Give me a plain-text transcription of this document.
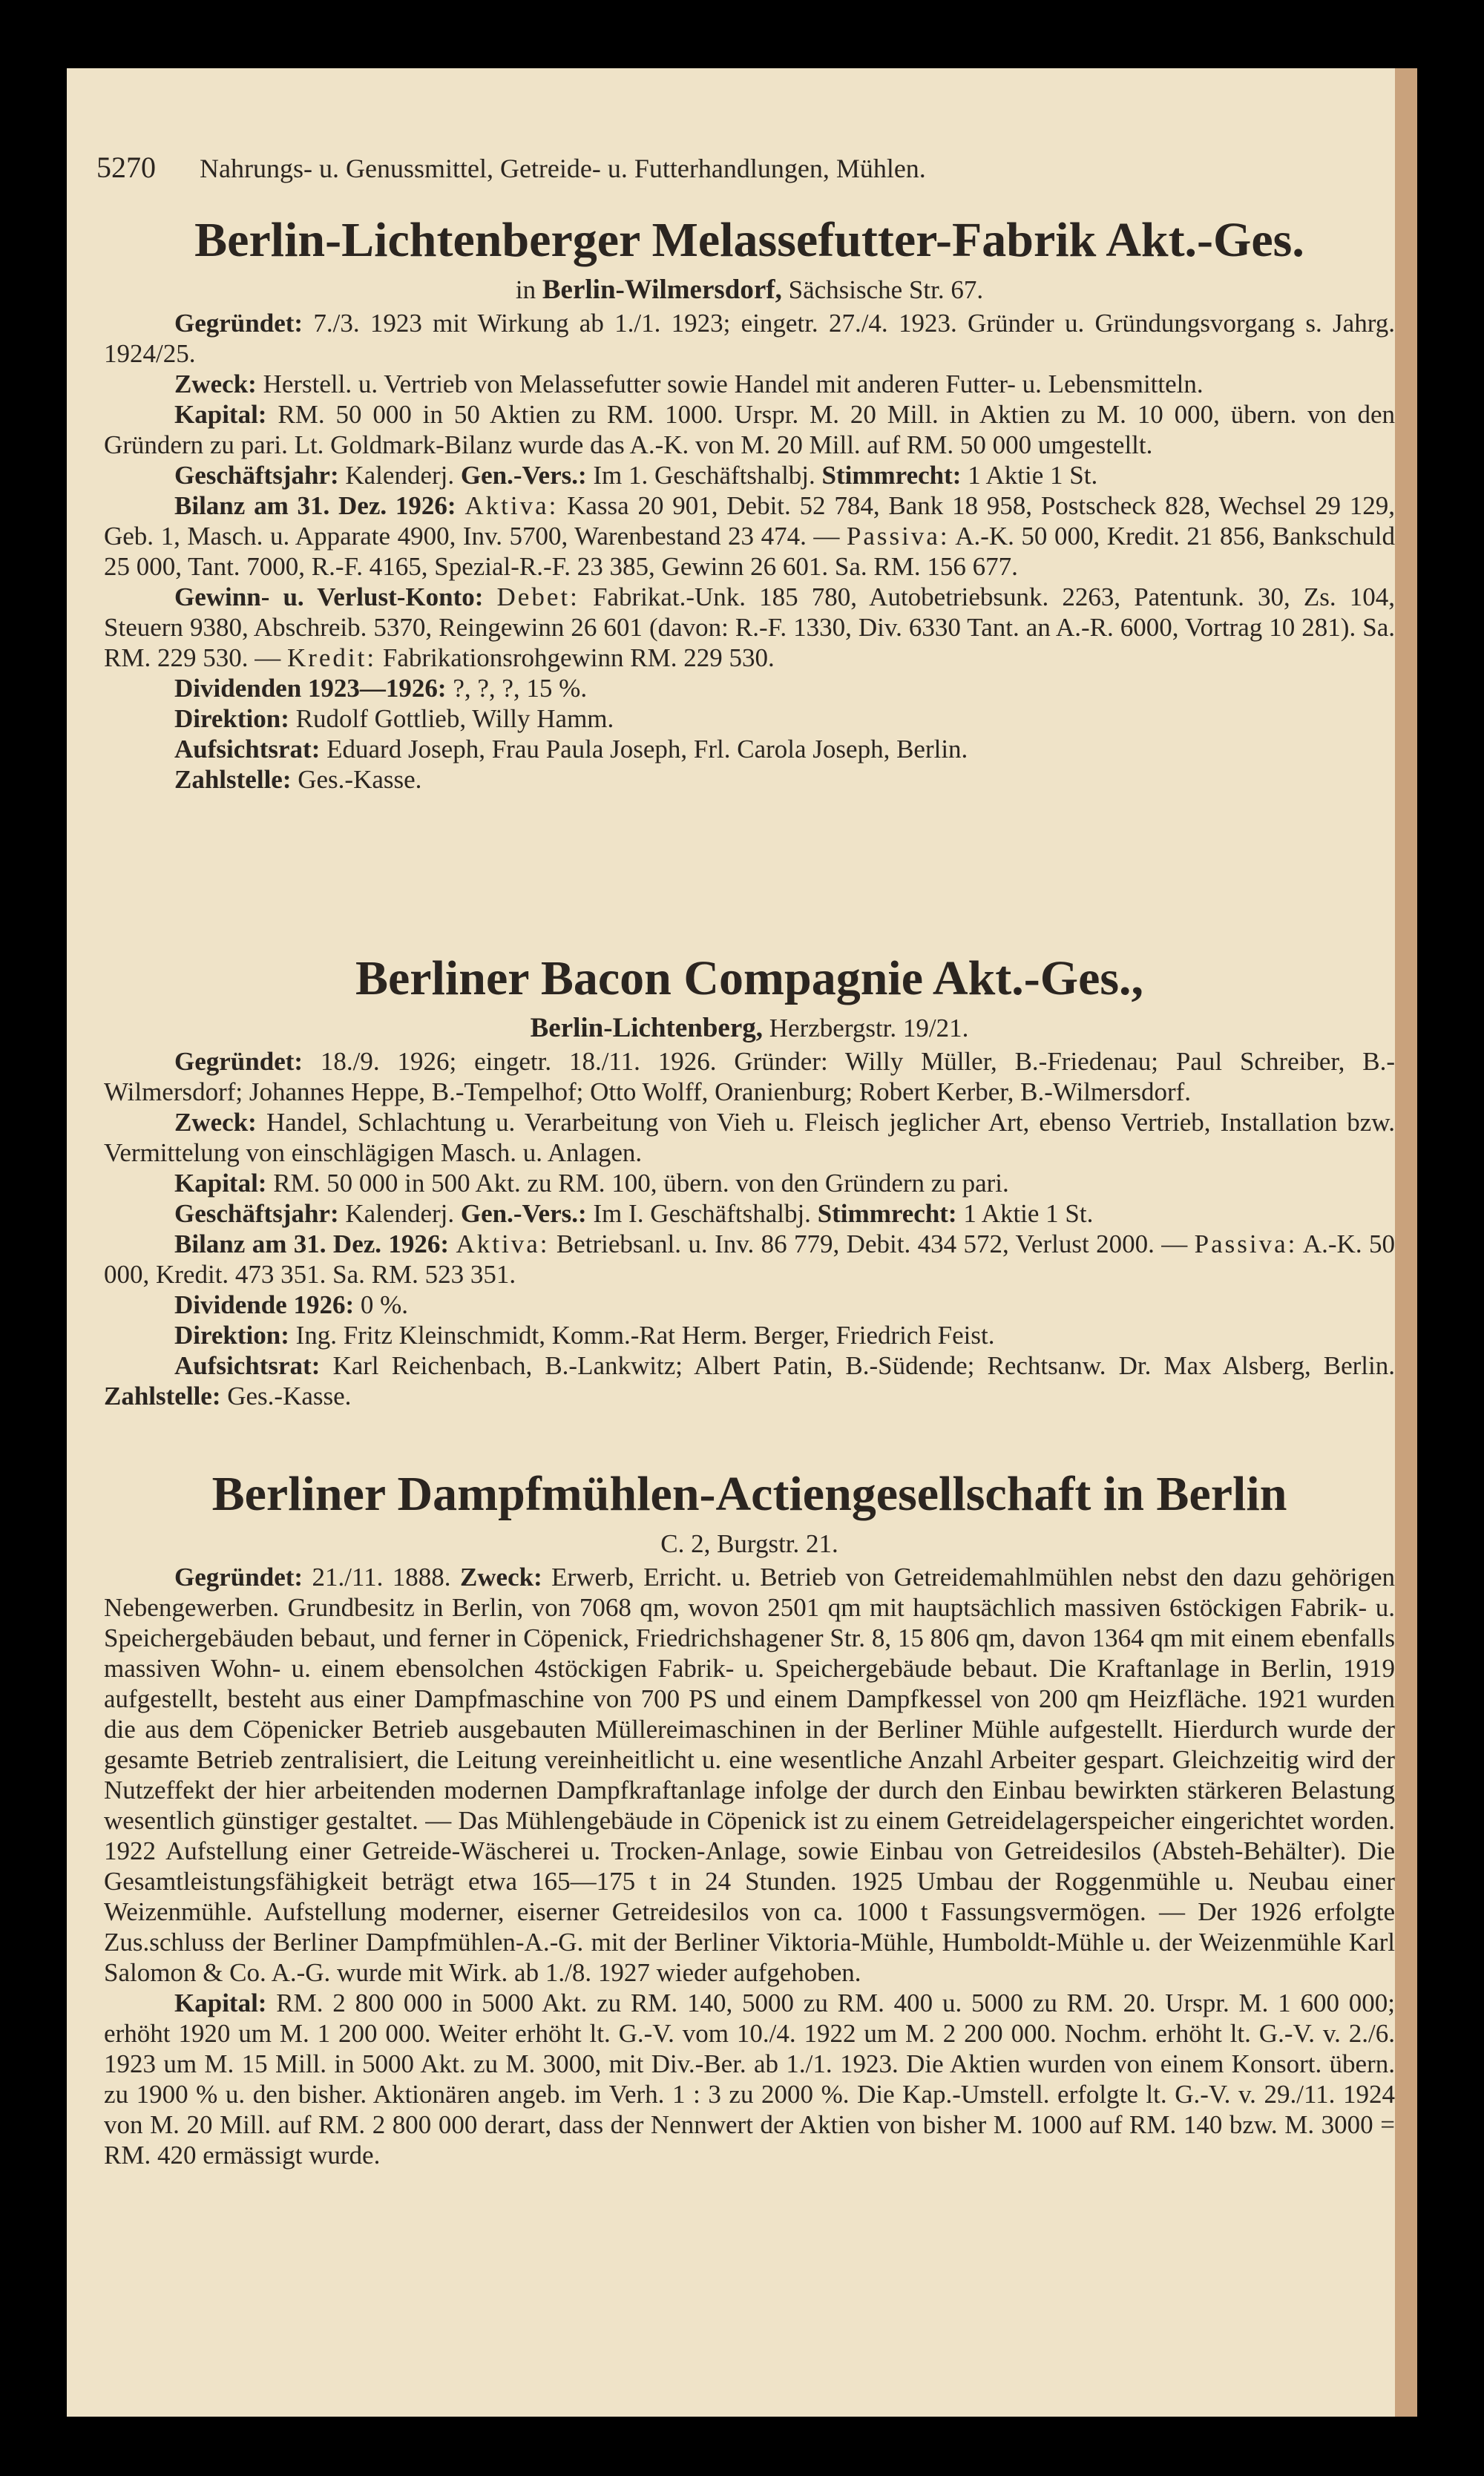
5270 Nahrungs- u. Genussmittel, Getreide- u. Futterhandlungen, Mühlen.
Berlin-Lichtenberger Melassefutter-Fabrik Akt.-Ges.
in Berlin-Wilmersdorf, Sächsische Str. 67.

Gegründet: 7./3. 1923 mit Wirkung ab 1./1. 1923; eingetr. 27./4. 1923. Gründer u. Gründungsvorgang s. Jahrg. 1924/25.

Zweck: Herstell. u. Vertrieb von Melassefutter sowie Handel mit anderen Futter- u. Lebensmitteln.

Kapital: RM. 50 000 in 50 Aktien zu RM. 1000. Urspr. M. 20 Mill. in Aktien zu M. 10 000, übern. von den Gründern zu pari. Lt. Goldmark-Bilanz wurde das A.-K. von M. 20 Mill. auf RM. 50 000 umgestellt.

Geschäftsjahr: Kalenderj. Gen.-Vers.: Im 1. Geschäftshalbj. Stimmrecht: 1 Aktie 1 St.

Bilanz am 31. Dez. 1926: Aktiva: Kassa 20 901, Debit. 52 784, Bank 18 958, Postscheck 828, Wechsel 29 129, Geb. 1, Masch. u. Apparate 4900, Inv. 5700, Warenbestand 23 474. — Passiva: A.-K. 50 000, Kredit. 21 856, Bankschuld 25 000, Tant. 7000, R.-F. 4165, Spezial-R.-F. 23 385, Gewinn 26 601. Sa. RM. 156 677.

Gewinn- u. Verlust-Konto: Debet: Fabrikat.-Unk. 185 780, Autobetriebsunk. 2263, Patentunk. 30, Zs. 104, Steuern 9380, Abschreib. 5370, Reingewinn 26 601 (davon: R.-F. 1330, Div. 6330 Tant. an A.-R. 6000, Vortrag 10 281). Sa. RM. 229 530. — Kredit: Fabrikationsrohgewinn RM. 229 530.

Dividenden 1923—1926: ?, ?, ?, 15 %.

Direktion: Rudolf Gottlieb, Willy Hamm.

Aufsichtsrat: Eduard Joseph, Frau Paula Joseph, Frl. Carola Joseph, Berlin.

Zahlstelle: Ges.-Kasse.

Berliner Bacon Compagnie Akt.-Ges.,
Berlin-Lichtenberg, Herzbergstr. 19/21.

Gegründet: 18./9. 1926; eingetr. 18./11. 1926. Gründer: Willy Müller, B.-Friedenau; Paul Schreiber, B.-Wilmersdorf; Johannes Heppe, B.-Tempelhof; Otto Wolff, Oranienburg; Robert Kerber, B.-Wilmersdorf.

Zweck: Handel, Schlachtung u. Verarbeitung von Vieh u. Fleisch jeglicher Art, ebenso Vertrieb, Installation bzw. Vermittelung von einschlägigen Masch. u. Anlagen.

Kapital: RM. 50 000 in 500 Akt. zu RM. 100, übern. von den Gründern zu pari.

Geschäftsjahr: Kalenderj. Gen.-Vers.: Im I. Geschäftshalbj. Stimmrecht: 1 Aktie 1 St.

Bilanz am 31. Dez. 1926: Aktiva: Betriebsanl. u. Inv. 86 779, Debit. 434 572, Verlust 2000. — Passiva: A.-K. 50 000, Kredit. 473 351. Sa. RM. 523 351.

Dividende 1926: 0 %.

Direktion: Ing. Fritz Kleinschmidt, Komm.-Rat Herm. Berger, Friedrich Feist.

Aufsichtsrat: Karl Reichenbach, B.-Lankwitz; Albert Patin, B.-Südende; Rechtsanw. Dr. Max Alsberg, Berlin. Zahlstelle: Ges.-Kasse.

Berliner Dampfmühlen-Actiengesellschaft in Berlin
C. 2, Burgstr. 21.

Gegründet: 21./11. 1888. Zweck: Erwerb, Erricht. u. Betrieb von Getreidemahlmühlen nebst den dazu gehörigen Nebengewerben. Grundbesitz in Berlin, von 7068 qm, wovon 2501 qm mit hauptsächlich massiven 6stöckigen Fabrik- u. Speichergebäuden bebaut, und ferner in Cöpenick, Friedrichshagener Str. 8, 15 806 qm, davon 1364 qm mit einem ebenfalls massiven Wohn- u. einem ebensolchen 4stöckigen Fabrik- u. Speichergebäude bebaut. Die Kraftanlage in Berlin, 1919 aufgestellt, besteht aus einer Dampfmaschine von 700 PS und einem Dampfkessel von 200 qm Heizfläche. 1921 wurden die aus dem Cöpenicker Betrieb ausgebauten Müllereimaschinen in der Berliner Mühle aufgestellt. Hierdurch wurde der gesamte Betrieb zentralisiert, die Leitung vereinheitlicht u. eine wesentliche Anzahl Arbeiter gespart. Gleichzeitig wird der Nutzeffekt der hier arbeitenden modernen Dampfkraftanlage infolge der durch den Einbau bewirkten stärkeren Belastung wesentlich günstiger gestaltet. — Das Mühlengebäude in Cöpenick ist zu einem Getreidelagerspeicher eingerichtet worden. 1922 Aufstellung einer Getreide-Wäscherei u. Trocken-Anlage, sowie Einbau von Getreidesilos (Absteh-Behälter). Die Gesamtleistungsfähigkeit beträgt etwa 165—175 t in 24 Stunden. 1925 Umbau der Roggenmühle u. Neubau einer Weizenmühle. Aufstellung moderner, eiserner Getreidesilos von ca. 1000 t Fassungsvermögen. — Der 1926 erfolgte Zus.schluss der Berliner Dampfmühlen-A.-G. mit der Berliner Viktoria-Mühle, Humboldt-Mühle u. der Weizenmühle Karl Salomon & Co. A.-G. wurde mit Wirk. ab 1./8. 1927 wieder aufgehoben.

Kapital: RM. 2 800 000 in 5000 Akt. zu RM. 140, 5000 zu RM. 400 u. 5000 zu RM. 20. Urspr. M. 1 600 000; erhöht 1920 um M. 1 200 000. Weiter erhöht lt. G.-V. vom 10./4. 1922 um M. 2 200 000. Nochm. erhöht lt. G.-V. v. 2./6. 1923 um M. 15 Mill. in 5000 Akt. zu M. 3000, mit Div.-Ber. ab 1./1. 1923. Die Aktien wurden von einem Konsort. übern. zu 1900 % u. den bisher. Aktionären angeb. im Verh. 1 : 3 zu 2000 %. Die Kap.-Umstell. erfolgte lt. G.-V. v. 29./11. 1924 von M. 20 Mill. auf RM. 2 800 000 derart, dass der Nennwert der Aktien von bisher M. 1000 auf RM. 140 bzw. M. 3000 = RM. 420 ermässigt wurde.
